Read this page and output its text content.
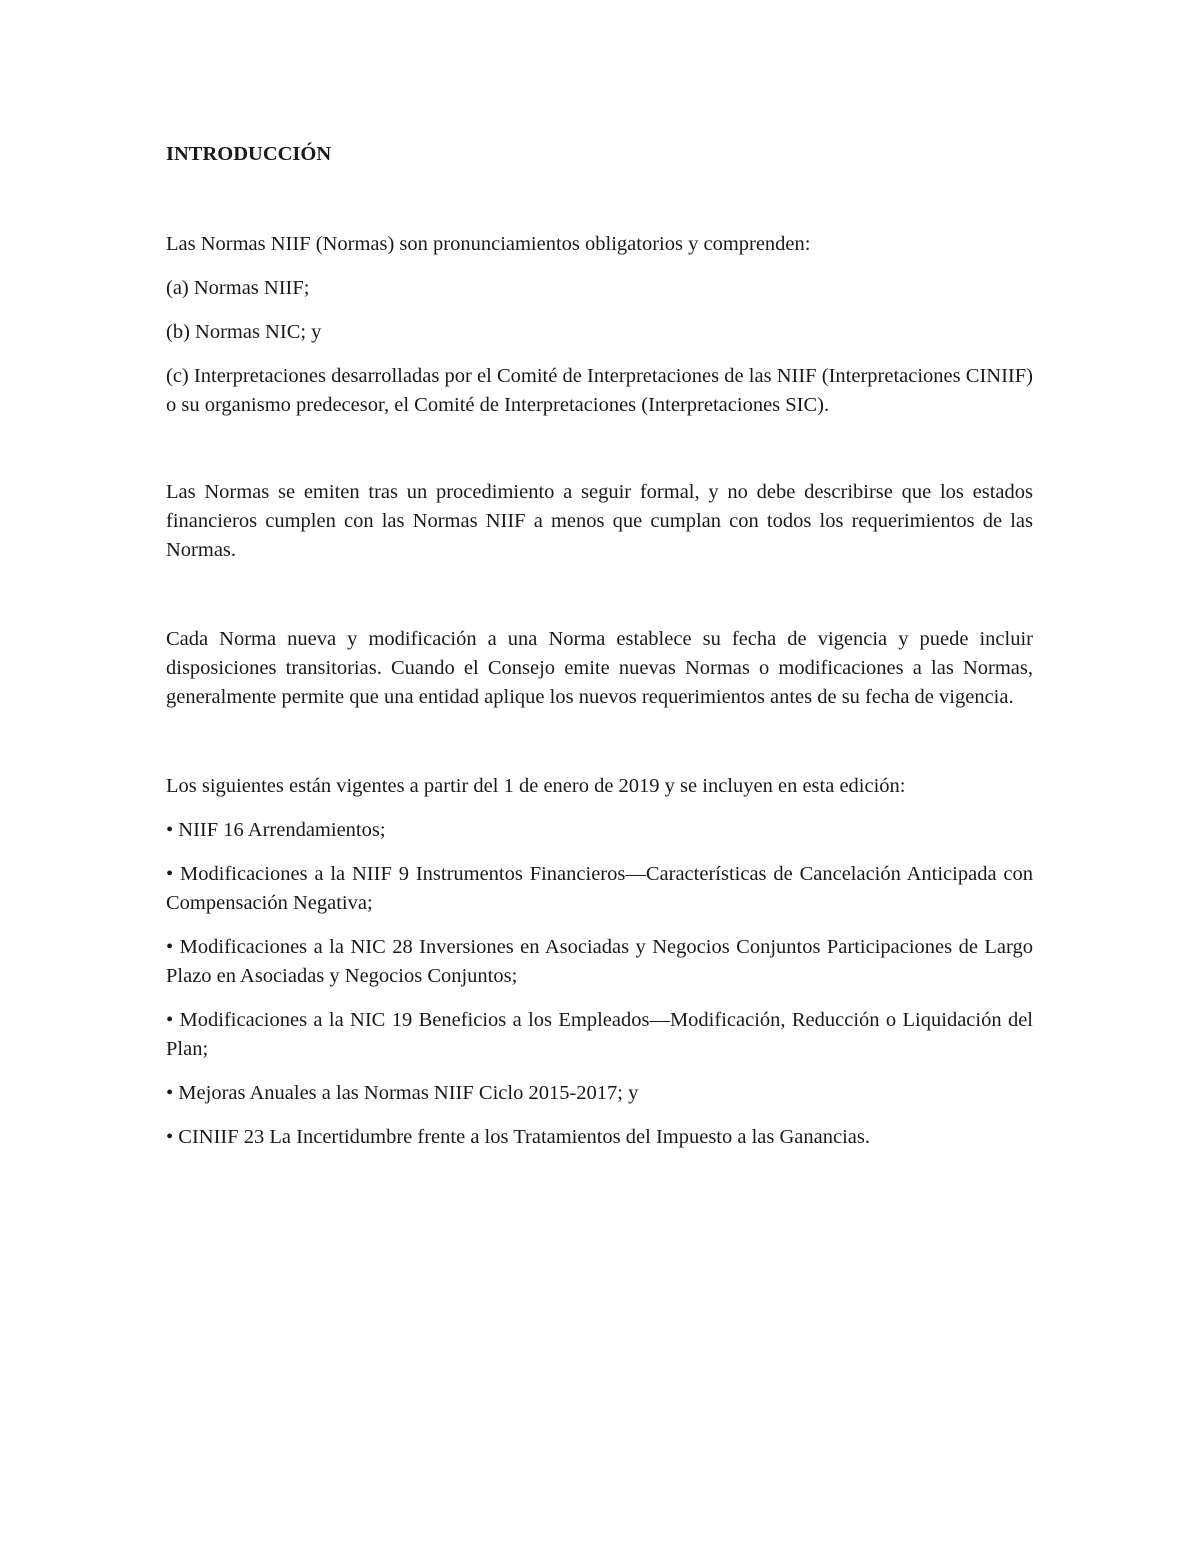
INTRODUCCIÓN

Las Normas NIIF (Normas) son pronunciamientos obligatorios y comprenden:

(a) Normas NIIF;

(b) Normas NIC; y

(c) Interpretaciones desarrolladas por el Comité de Interpretaciones de las NIIF (Interpretaciones CINIIF) o su organismo predecesor, el Comité de Interpretaciones (Interpretaciones SIC).

Las Normas se emiten tras un procedimiento a seguir formal, y no debe describirse que los estados financieros cumplen con las Normas NIIF a menos que cumplan con todos los requerimientos de las Normas.

Cada Norma nueva y modificación a una Norma establece su fecha de vigencia y puede incluir disposiciones transitorias. Cuando el Consejo emite nuevas Normas o modificaciones a las Normas, generalmente permite que una entidad aplique los nuevos requerimientos antes de su fecha de vigencia.

Los siguientes están vigentes a partir del 1 de enero de 2019 y se incluyen en esta edición:

• NIIF 16 Arrendamientos;

• Modificaciones a la NIIF 9 Instrumentos Financieros—Características de Cancelación Anticipada con Compensación Negativa;

• Modificaciones a la NIC 28 Inversiones en Asociadas y Negocios Conjuntos Participaciones de Largo Plazo en Asociadas y Negocios Conjuntos;

• Modificaciones a la NIC 19 Beneficios a los Empleados—Modificación, Reducción o Liquidación del Plan;

• Mejoras Anuales a las Normas NIIF Ciclo 2015-2017; y

• CINIIF 23 La Incertidumbre frente a los Tratamientos del Impuesto a las Ganancias.
